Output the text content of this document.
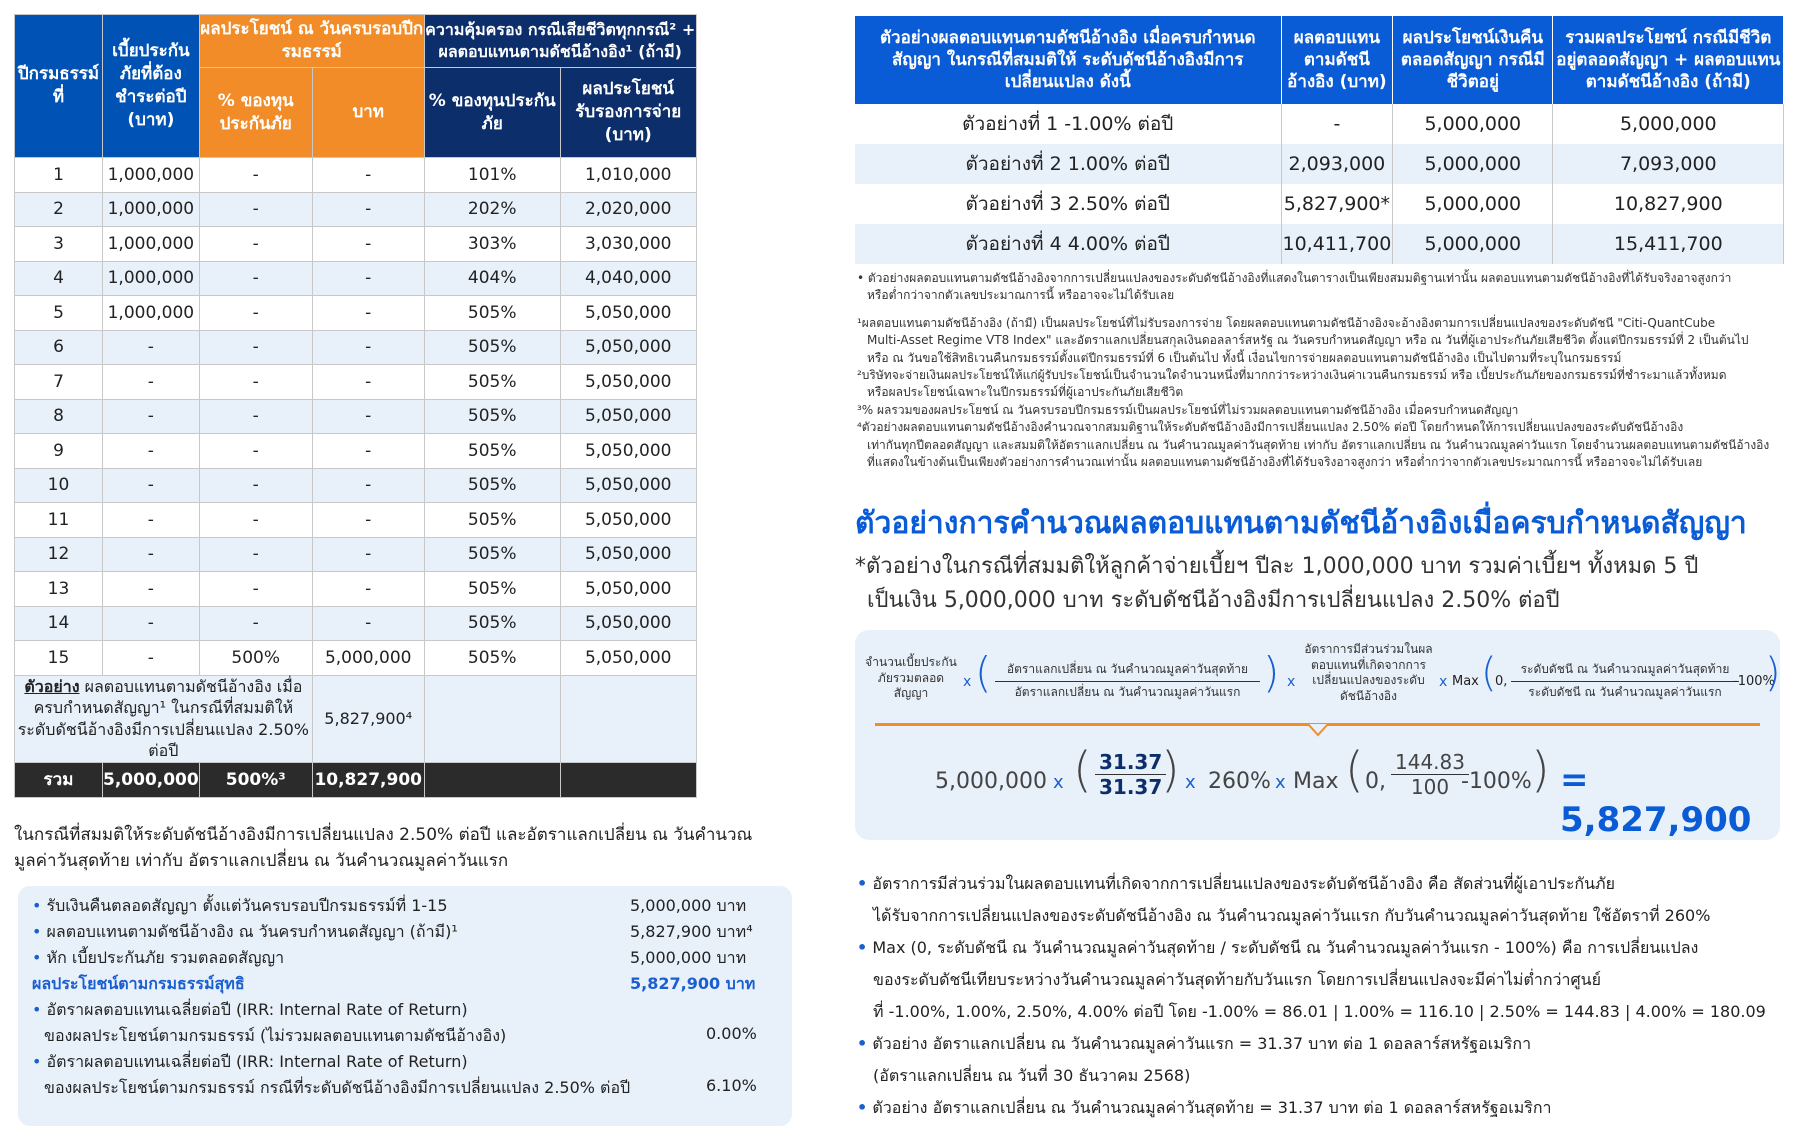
ปีกรมธรรม์ที่	เบี้ยประกันภัยที่ต้องชำระต่อปี (บาท)	ผลประโยชน์ ณ วันครบรอบปีกรมธรรม์		ความคุ้มครอง กรณีเสียชีวิตทุกกรณี² + ผลตอบแทนตามดัชนีอ้างอิง¹ (ถ้ามี)	
		% ของทุนประกันภัย	บาท	% ของทุนประกันภัย	ผลประโยชน์รับรองการจ่าย (บาท)
1	1,000,000	-	-	101%	1,010,000
2	1,000,000	-	-	202%	2,020,000
3	1,000,000	-	-	303%	3,030,000
4	1,000,000	-	-	404%	4,040,000
5	1,000,000	-	-	505%	5,050,000
6	-	-	-	505%	5,050,000
7	-	-	-	505%	5,050,000
8	-	-	-	505%	5,050,000
9	-	-	-	505%	5,050,000
10	-	-	-	505%	5,050,000
11	-	-	-	505%	5,050,000
12	-	-	-	505%	5,050,000
13	-	-	-	505%	5,050,000
14	-	-	-	505%	5,050,000
15	-	500%	5,000,000	505%	5,050,000
ตัวอย่าง ผลตอบแทนตามดัชนีอ้างอิง เมื่อครบกำหนดสัญญา¹ ในกรณีที่สมมติให้ระดับดัชนีอ้างอิงมีการเปลี่ยนแปลง 2.50% ต่อปี			5,827,900⁴		
รวม	5,000,000	500%³	10,827,900		
ในกรณีที่สมมติให้ระดับดัชนีอ้างอิงมีการเปลี่ยนแปลง 2.50% ต่อปี และอัตราแลกเปลี่ยน ณ วันคำนวณมูลค่าวันสุดท้าย เท่ากับ อัตราแลกเปลี่ยน ณ วันคำนวณมูลค่าวันแรก
• รับเงินคืนตลอดสัญญา ตั้งแต่วันครบรอบปีกรมธรรม์ที่ 1-15	5,000,000 บาท
• ผลตอบแทนตามดัชนีอ้างอิง ณ วันครบกำหนดสัญญา (ถ้ามี)¹	5,827,900 บาท⁴
• หัก เบี้ยประกันภัย รวมตลอดสัญญา	5,000,000 บาท
ผลประโยชน์ตามกรมธรรม์สุทธิ	5,827,900 บาท
• อัตราผลตอบแทนเฉลี่ยต่อปี (IRR: Internal Rate of Return)
ของผลประโยชน์ตามกรมธรรม์ (ไม่รวมผลตอบแทนตามดัชนีอ้างอิง)	0.00%
• อัตราผลตอบแทนเฉลี่ยต่อปี (IRR: Internal Rate of Return)
ของผลประโยชน์ตามกรมธรรม์ กรณีที่ระดับดัชนีอ้างอิงมีการเปลี่ยนแปลง 2.50% ต่อปี	6.10%
ตัวอย่างผลตอบแทนตามดัชนีอ้างอิง เมื่อครบกำหนดสัญญา ในกรณีที่สมมติให้ ระดับดัชนีอ้างอิงมีการเปลี่ยนแปลง ดังนี้	ผลตอบแทนตามดัชนีอ้างอิง (บาท)	ผลประโยชน์เงินคืนตลอดสัญญา กรณีมีชีวิตอยู่	รวมผลประโยชน์ กรณีมีชีวิตอยู่ตลอดสัญญา + ผลตอบแทนตามดัชนีอ้างอิง (ถ้ามี)
ตัวอย่างที่ 1 -1.00% ต่อปี	-	5,000,000	5,000,000
ตัวอย่างที่ 2 1.00% ต่อปี	2,093,000	5,000,000	7,093,000
ตัวอย่างที่ 3 2.50% ต่อปี	5,827,900*	5,000,000	10,827,900
ตัวอย่างที่ 4 4.00% ต่อปี	10,411,700	5,000,000	15,411,700
• ตัวอย่างผลตอบแทนตามดัชนีอ้างอิงจากการเปลี่ยนแปลงของระดับดัชนีอ้างอิงที่แสดงในตารางเป็นเพียงสมมติฐานเท่านั้น ผลตอบแทนตามดัชนีอ้างอิงที่ได้รับจริงอาจสูงกว่า
หรือต่ำกว่าจากตัวเลขประมาณการนี้ หรืออาจจะไม่ได้รับเลย
¹ผลตอบแทนตามดัชนีอ้างอิง (ถ้ามี) เป็นผลประโยชน์ที่ไม่รับรองการจ่าย โดยผลตอบแทนตามดัชนีอ้างอิงจะอ้างอิงตามการเปลี่ยนแปลงของระดับดัชนี "Citi-QuantCube
Multi-Asset Regime VT8 Index" และอัตราแลกเปลี่ยนสกุลเงินดอลลาร์สหรัฐ ณ วันครบกำหนดสัญญา หรือ ณ วันที่ผู้เอาประกันภัยเสียชีวิต ตั้งแต่ปีกรมธรรม์ที่ 2 เป็นต้นไป
หรือ ณ วันขอใช้สิทธิเวนคืนกรมธรรม์ตั้งแต่ปีกรมธรรม์ที่ 6 เป็นต้นไป ทั้งนี้ เงื่อนไขการจ่ายผลตอบแทนตามดัชนีอ้างอิง เป็นไปตามที่ระบุในกรมธรรม์
²บริษัทจะจ่ายเงินผลประโยชน์ให้แก่ผู้รับประโยชน์เป็นจำนวนใดจำนวนหนึ่งที่มากกว่าระหว่างเงินค่าเวนคืนกรมธรรม์ หรือ เบี้ยประกันภัยของกรมธรรม์ที่ชำระมาแล้วทั้งหมด
หรือผลประโยชน์เฉพาะในปีกรมธรรม์ที่ผู้เอาประกันภัยเสียชีวิต
³% ผลรวมของผลประโยชน์ ณ วันครบรอบปีกรมธรรม์เป็นผลประโยชน์ที่ไม่รวมผลตอบแทนตามดัชนีอ้างอิง เมื่อครบกำหนดสัญญา
⁴ตัวอย่างผลตอบแทนตามดัชนีอ้างอิงคำนวณจากสมมติฐานให้ระดับดัชนีอ้างอิงมีการเปลี่ยนแปลง 2.50% ต่อปี โดยกำหนดให้การเปลี่ยนแปลงของระดับดัชนีอ้างอิง
เท่ากันทุกปีตลอดสัญญา และสมมติให้อัตราแลกเปลี่ยน ณ วันคำนวณมูลค่าวันสุดท้าย เท่ากับ อัตราแลกเปลี่ยน ณ วันคำนวณมูลค่าวันแรก โดยจำนวนผลตอบแทนตามดัชนีอ้างอิง
ที่แสดงในข้างต้นเป็นเพียงตัวอย่างการคำนวณเท่านั้น ผลตอบแทนตามดัชนีอ้างอิงที่ได้รับจริงอาจสูงกว่า หรือต่ำกว่าจากตัวเลขประมาณการนี้ หรืออาจจะไม่ได้รับเลย
ตัวอย่างการคำนวณผลตอบแทนตามดัชนีอ้างอิงเมื่อครบกำหนดสัญญา
*ตัวอย่างในกรณีที่สมมติให้ลูกค้าจ่ายเบี้ยฯ ปีละ 1,000,000 บาท รวมค่าเบี้ยฯ ทั้งหมด 5 ปี
เป็นเงิน 5,000,000 บาท ระดับดัชนีอ้างอิงมีการเปลี่ยนแปลง 2.50% ต่อปี
จำนวนเบี้ยประกันภัยรวมตลอดสัญญา
x (	อัตราแลกเปลี่ยน ณ วันคำนวณมูลค่าวันสุดท้าย
อัตราแลกเปลี่ยน ณ วันคำนวณมูลค่าวันแรก ) x
อัตราการมีส่วนร่วมในผลตอบแทนที่เกิดจากการเปลี่ยนแปลงของระดับดัชนีอ้างอิง
x Max (
0,
ระดับดัชนี ณ วันคำนวณมูลค่าวันสุดท้าย
ระดับดัชนี ณ วันคำนวณมูลค่าวันแรก
-100%
)
5,000,000 x ( $\frac{31.37}{31.37}$
) x 260% x Max ( 0, $\frac{144.83}{100}$
-100% ) = 5,827,900
• อัตราการมีส่วนร่วมในผลตอบแทนที่เกิดจากการเปลี่ยนแปลงของระดับดัชนีอ้างอิง คือ สัดส่วนที่ผู้เอาประกันภัย
ได้รับจากการเปลี่ยนแปลงของระดับดัชนีอ้างอิง ณ วันคำนวณมูลค่าวันแรก กับวันคำนวณมูลค่าวันสุดท้าย ใช้อัตราที่ 260%
• Max (0, ระดับดัชนี ณ วันคำนวณมูลค่าวันสุดท้าย / ระดับดัชนี ณ วันคำนวณมูลค่าวันแรก - 100%) คือ การเปลี่ยนแปลง
ของระดับดัชนีเทียบระหว่างวันคำนวณมูลค่าวันสุดท้ายกับวันแรก โดยการเปลี่ยนแปลงจะมีค่าไม่ต่ำกว่าศูนย์
ที่ -1.00%, 1.00%, 2.50%, 4.00% ต่อปี โดย -1.00% = 86.01 | 1.00% = 116.10 | 2.50% = 144.83 | 4.00% = 180.09
• ตัวอย่าง อัตราแลกเปลี่ยน ณ วันคำนวณมูลค่าวันแรก = 31.37 บาท ต่อ 1 ดอลลาร์สหรัฐอเมริกา
(อัตราแลกเปลี่ยน ณ วันที่ 30 ธันวาคม 2568)
• ตัวอย่าง อัตราแลกเปลี่ยน ณ วันคำนวณมูลค่าวันสุดท้าย = 31.37 บาท ต่อ 1 ดอลลาร์สหรัฐอเมริกา
